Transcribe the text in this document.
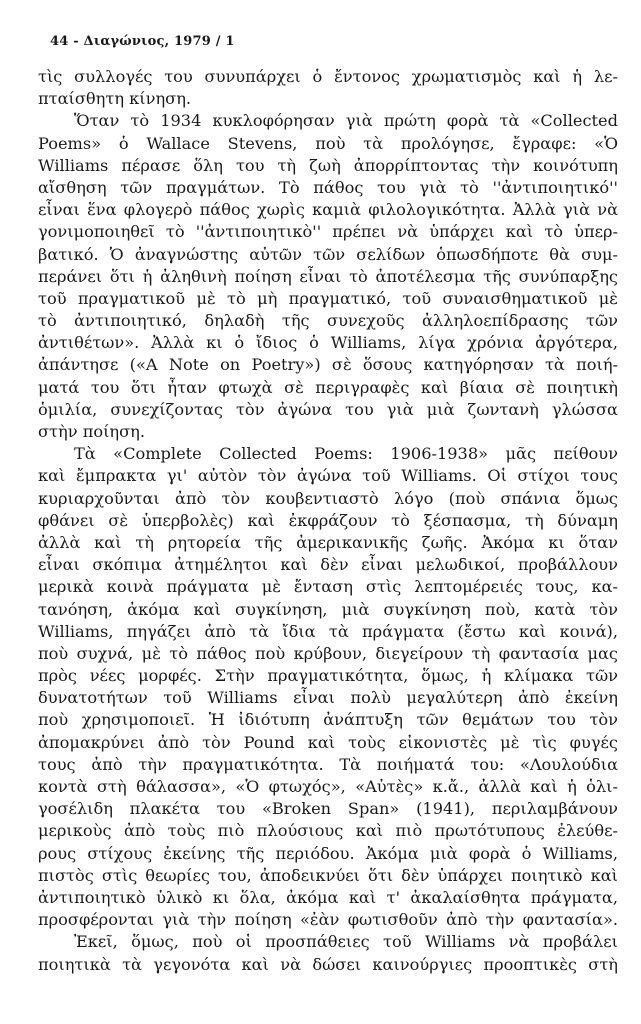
44 - Διαγώνιος, 1979 / 1
τὶς συλλογές του συνυπάρχει ὁ ἔντονος χρωματισμὸς καὶ ἡ λε-
πταίσθητη κίνηση.
Ὅταν τὸ 1934 κυκλοφόρησαν γιὰ πρώτη φορὰ τὰ «Collected
Poems» ὁ Wallace Stevens, ποὺ τὰ προλόγησε, ἔγραφε: «Ὁ
Williams πέρασε ὅλη του τὴ ζωὴ ἀπορρίπτοντας τὴν κοινότυπη
αἴσθηση τῶν πραγμάτων. Τὸ πάθος του γιὰ τὸ ''ἀντιποιητικό''
εἶναι ἕνα φλογερὸ πάθος χωρὶς καμιὰ φιλολογικότητα. Ἀλλὰ γιὰ νὰ
γονιμοποιηθεῖ τὸ ''ἀντιποιητικὸ'' πρέπει νὰ ὑπάρχει καὶ τὸ ὑπερ-
βατικό. Ὁ ἀναγνώστης αὐτῶν τῶν σελίδων ὁπωσδήποτε θὰ συμ-
περάνει ὅτι ἡ ἀληθινὴ ποίηση εἶναι τὸ ἀποτέλεσμα τῆς συνύπαρξης
τοῦ πραγματικοῦ μὲ τὸ μὴ πραγματικό, τοῦ συναισθηματικοῦ μὲ
τὸ ἀντιποιητικό, δηλαδὴ τῆς συνεχοῦς ἀλληλοεπίδρασης τῶν
ἀντιθέτων». Ἀλλὰ κι ὁ ἴδιος ὁ Williams, λίγα χρόνια ἀργότερα,
ἀπάντησε («A Note on Poetry») σὲ ὅσους κατηγόρησαν τὰ ποιή-
ματά του ὅτι ἦταν φτωχὰ σὲ περιγραφὲς καὶ βίαια σὲ ποιητικὴ
ὁμιλία, συνεχίζοντας τὸν ἀγώνα του γιὰ μιὰ ζωντανὴ γλώσσα
στὴν ποίηση.
Τὰ «Complete Collected Poems: 1906-1938» μᾶς πείθουν
καὶ ἔμπρακτα γι' αὐτὸν τὸν ἀγώνα τοῦ Williams. Οἱ στίχοι τους
κυριαρχοῦνται ἀπὸ τὸν κουβεντιαστὸ λόγο (ποὺ σπάνια ὅμως
φθάνει σὲ ὑπερβολὲς) καὶ ἐκφράζουν τὸ ξέσπασμα, τὴ δύναμη
ἀλλὰ καὶ τὴ ρητορεία τῆς ἀμερικανικῆς ζωῆς. Ἀκόμα κι ὅταν
εἶναι σκόπιμα ἀτημέλητοι καὶ δὲν εἶναι μελωδικοί, προβάλλουν
μερικὰ κοινὰ πράγματα μὲ ἔνταση στὶς λεπτομέρειές τους, κα-
τανόηση, ἀκόμα καὶ συγκίνηση, μιὰ συγκίνηση ποὺ, κατὰ τὸν
Williams, πηγάζει ἀπὸ τὰ ἴδια τὰ πράγματα (ἔστω καὶ κοινά),
ποὺ συχνά, μὲ τὸ πάθος ποὺ κρύβουν, διεγείρουν τὴ φαντασία μας
πρὸς νέες μορφές. Στὴν πραγματικότητα, ὅμως, ἡ κλίμακα τῶν
δυνατοτήτων τοῦ Williams εἶναι πολὺ μεγαλύτερη ἀπὸ ἐκείνη
ποὺ χρησιμοποιεῖ. Ἡ ἰδιότυπη ἀνάπτυξη τῶν θεμάτων του τὸν
ἀπομακρύνει ἀπὸ τὸν Pound καὶ τοὺς εἰκονιστὲς μὲ τὶς φυγές
τους ἀπὸ τὴν πραγματικότητα. Τὰ ποιήματά του: «Λουλούδια
κοντὰ στὴ θάλασσα», «Ὁ φτωχός», «Αὐτὲς» κ.ἄ., ἀλλὰ καὶ ἡ ὁλι-
γοσέλιδη πλακέτα του «Broken Span» (1941), περιλαμβάνουν
μερικοὺς ἀπὸ τοὺς πιὸ πλούσιους καὶ πιὸ πρωτότυπους ἐλεύθε-
ρους στίχους ἐκείνης τῆς περιόδου. Ἀκόμα μιὰ φορὰ ὁ Williams,
πιστὸς στὶς θεωρίες του, ἀποδεικνύει ὅτι δὲν ὑπάρχει ποιητικὸ καὶ
ἀντιποιητικὸ ὑλικὸ κι ὅλα, ἀκόμα καὶ τ' ἀκαλαίσθητα πράγματα,
προσφέρονται γιὰ τὴν ποίηση «ἐὰν φωτισθοῦν ἀπὸ τὴν φαντασία».
Ἐκεῖ, ὅμως, ποὺ οἱ προσπάθειες τοῦ Williams νὰ προβάλει
ποιητικὰ τὰ γεγονότα καὶ νὰ δώσει καινούργιες προοπτικὲς στὴ
